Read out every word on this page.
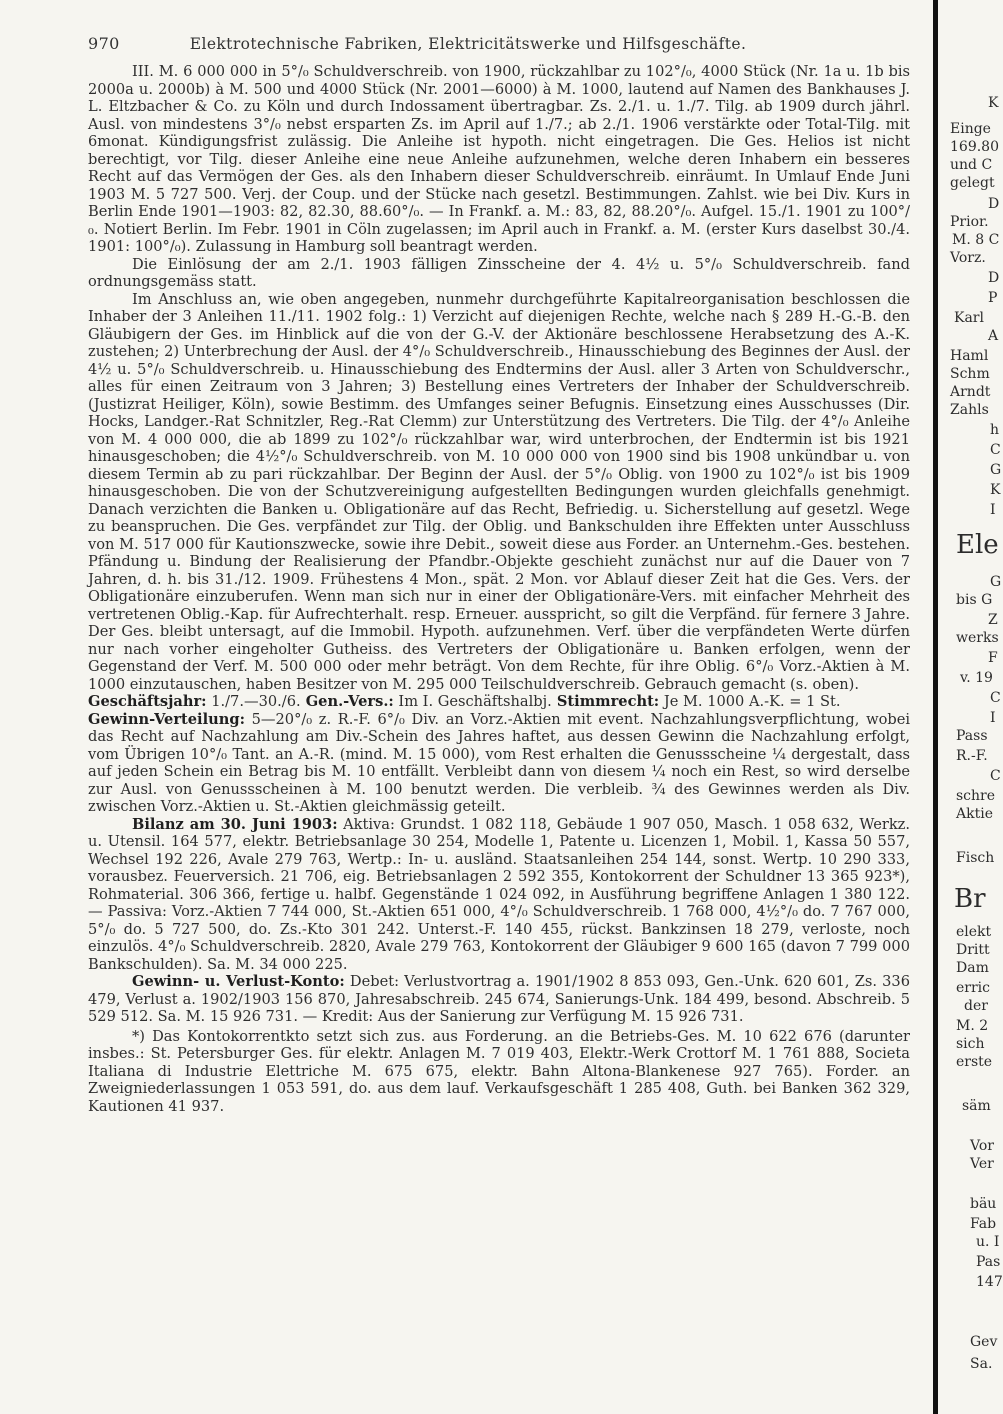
970	Elektrotechnische Fabriken, Elektricitätswerke und Hilfsgeschäfte.

III. M. 6 000 000 in 5°/₀ Schuldverschreib. von 1900, rückzahlbar zu 102°/₀, 4000 Stück (Nr. 1a u. 1b bis 2000a u. 2000b) à M. 500 und 4000 Stück (Nr. 2001—6000) à M. 1000, lautend auf Namen des Bankhauses J. L. Eltzbacher & Co. zu Köln und durch Indossament übertragbar. Zs. 2./1. u. 1./7. Tilg. ab 1909 durch jährl. Ausl. von mindestens 3°/₀ nebst ersparten Zs. im April auf 1./7.; ab 2./1. 1906 verstärkte oder Total-Tilg. mit 6monat. Kündigungsfrist zulässig. Die Anleihe ist hypoth. nicht eingetragen. Die Ges. Helios ist nicht berechtigt, vor Tilg. dieser Anleihe eine neue Anleihe aufzunehmen, welche deren Inhabern ein besseres Recht auf das Vermögen der Ges. als den Inhabern dieser Schuldverschreib. einräumt. In Umlauf Ende Juni 1903 M. 5 727 500. Verj. der Coup. und der Stücke nach gesetzl. Bestimmungen. Zahlst. wie bei Div. Kurs in Berlin Ende 1901—1903: 82, 82.30, 88.60°/₀. — In Frankf. a. M.: 83, 82, 88.20°/₀. Aufgel. 15./1. 1901 zu 100°/₀. Notiert Berlin. Im Febr. 1901 in Cöln zugelassen; im April auch in Frankf. a. M. (erster Kurs daselbst 30./4. 1901: 100°/₀). Zulassung in Hamburg soll beantragt werden.

Die Einlösung der am 2./1. 1903 fälligen Zinsscheine der 4. 4½ u. 5°/₀ Schuldverschreib. fand ordnungsgemäss statt.

Im Anschluss an, wie oben angegeben, nunmehr durchgeführte Kapitalreorganisation beschlossen die Inhaber der 3 Anleihen 11./11. 1902 folg.: 1) Verzicht auf diejenigen Rechte, welche nach § 289 H.-G.-B. den Gläubigern der Ges. im Hinblick auf die von der G.-V. der Aktionäre beschlossene Herabsetzung des A.-K. zustehen; 2) Unterbrechung der Ausl. der 4°/₀ Schuldverschreib., Hinausschiebung des Beginnes der Ausl. der 4½ u. 5°/₀ Schuldverschreib. u. Hinausschiebung des Endtermins der Ausl. aller 3 Arten von Schuldverschr., alles für einen Zeitraum von 3 Jahren; 3) Bestellung eines Vertreters der Inhaber der Schuldverschreib. (Justizrat Heiliger, Köln), sowie Bestimm. des Umfanges seiner Befugnis. Einsetzung eines Ausschusses (Dir. Hocks, Landger.-Rat Schnitzler, Reg.-Rat Clemm) zur Unterstützung des Vertreters. Die Tilg. der 4°/₀ Anleihe von M. 4 000 000, die ab 1899 zu 102°/₀ rückzahlbar war, wird unterbrochen, der Endtermin ist bis 1921 hinausgeschoben; die 4½°/₀ Schuldverschreib. von M. 10 000 000 von 1900 sind bis 1908 unkündbar u. von diesem Termin ab zu pari rückzahlbar. Der Beginn der Ausl. der 5°/₀ Oblig. von 1900 zu 102°/₀ ist bis 1909 hinausgeschoben. Die von der Schutzvereinigung aufgestellten Bedingungen wurden gleichfalls genehmigt. Danach verzichten die Banken u. Obligationäre auf das Recht, Befriedig. u. Sicherstellung auf gesetzl. Wege zu beanspruchen. Die Ges. verpfändet zur Tilg. der Oblig. und Bankschulden ihre Effekten unter Ausschluss von M. 517 000 für Kautionszwecke, sowie ihre Debit., soweit diese aus Forder. an Unternehm.-Ges. bestehen. Pfändung u. Bindung der Realisierung der Pfandbr.-Objekte geschieht zunächst nur auf die Dauer von 7 Jahren, d. h. bis 31./12. 1909. Frühestens 4 Mon., spät. 2 Mon. vor Ablauf dieser Zeit hat die Ges. Vers. der Obligationäre einzuberufen. Wenn man sich nur in einer der Obligationäre-Vers. mit einfacher Mehrheit des vertretenen Oblig.-Kap. für Aufrechterhalt. resp. Erneuer. ausspricht, so gilt die Verpfänd. für fernere 3 Jahre. Der Ges. bleibt untersagt, auf die Immobil. Hypoth. aufzunehmen. Verf. über die verpfändeten Werte dürfen nur nach vorher eingeholter Gutheiss. des Vertreters der Obligationäre u. Banken erfolgen, wenn der Gegenstand der Verf. M. 500 000 oder mehr beträgt. Von dem Rechte, für ihre Oblig. 6°/₀ Vorz.-Aktien à M. 1000 einzutauschen, haben Besitzer von M. 295 000 Teilschuldverschreib. Gebrauch gemacht (s. oben).

Geschäftsjahr: 1./7.—30./6. Gen.-Vers.: Im I. Geschäftshalbj. Stimmrecht: Je M. 1000 A.-K. = 1 St.

Gewinn-Verteilung: 5—20°/₀ z. R.-F. 6°/₀ Div. an Vorz.-Aktien mit event. Nachzahlungsverpflichtung, wobei das Recht auf Nachzahlung am Div.-Schein des Jahres haftet, aus dessen Gewinn die Nachzahlung erfolgt, vom Übrigen 10°/₀ Tant. an A.-R. (mind. M. 15 000), vom Rest erhalten die Genussscheine ¼ dergestalt, dass auf jeden Schein ein Betrag bis M. 10 entfällt. Verbleibt dann von diesem ¼ noch ein Rest, so wird derselbe zur Ausl. von Genussscheinen à M. 100 benutzt werden. Die verbleib. ¾ des Gewinnes werden als Div. zwischen Vorz.-Aktien u. St.-Aktien gleichmässig geteilt.

Bilanz am 30. Juni 1903: Aktiva: Grundst. 1 082 118, Gebäude 1 907 050, Masch. 1 058 632, Werkz. u. Utensil. 164 577, elektr. Betriebsanlage 30 254, Modelle 1, Patente u. Licenzen 1, Mobil. 1, Kassa 50 557, Wechsel 192 226, Avale 279 763, Wertp.: In- u. ausländ. Staatsanleihen 254 144, sonst. Wertp. 10 290 333, vorausbez. Feuerversich. 21 706, eig. Betriebsanlagen 2 592 355, Kontokorrent der Schuldner 13 365 923*), Rohmaterial. 306 366, fertige u. halbf. Gegenstände 1 024 092, in Ausführung begriffene Anlagen 1 380 122. — Passiva: Vorz.-Aktien 7 744 000, St.-Aktien 651 000, 4°/₀ Schuldverschreib. 1 768 000, 4½°/₀ do. 7 767 000, 5°/₀ do. 5 727 500, do. Zs.-Kto 301 242. Unterst.-F. 140 455, rückst. Bankzinsen 18 279, verloste, noch einzulös. 4°/₀ Schuldverschreib. 2820, Avale 279 763, Kontokorrent der Gläubiger 9 600 165 (davon 7 799 000 Bankschulden). Sa. M. 34 000 225.

Gewinn- u. Verlust-Konto: Debet: Verlustvortrag a. 1901/1902 8 853 093, Gen.-Unk. 620 601, Zs. 336 479, Verlust a. 1902/1903 156 870, Jahresabschreib. 245 674, Sanierungs-Unk. 184 499, besond. Abschreib. 5 529 512. Sa. M. 15 926 731. — Kredit: Aus der Sanierung zur Verfügung M. 15 926 731.

*) Das Kontokorrentkto setzt sich zus. aus Forderung. an die Betriebs-Ges. M. 10 622 676 (darunter insbes.: St. Petersburger Ges. für elektr. Anlagen M. 7 019 403, Elektr.-Werk Crottorf M. 1 761 888, Societa Italiana di Industrie Elettriche M. 675 675, elektr. Bahn Altona-Blankenese 927 765). Forder. an Zweigniederlassungen 1 053 591, do. aus dem lauf. Verkaufsgeschäft 1 285 408, Guth. bei Banken 362 329, Kautionen 41 937.

K
Einge
169.80
und C
gelegt
D
Prior.
M. 8 C
Vorz.
D
P
Karl
A
Haml
Schm
Arndt
Zahls
h
C
G
K
I
Ele
G
bis G
Z
werks
F
v. 19
C
I
Pass
R.-F.
C
schre
Aktie
Fisch
Br
elekt
Dritt
Dam
erric
der
M. 2
sich
erste
säm
Vor
Ver
bäu
Fab
u. I
Pas
147
Gev
Sa.
